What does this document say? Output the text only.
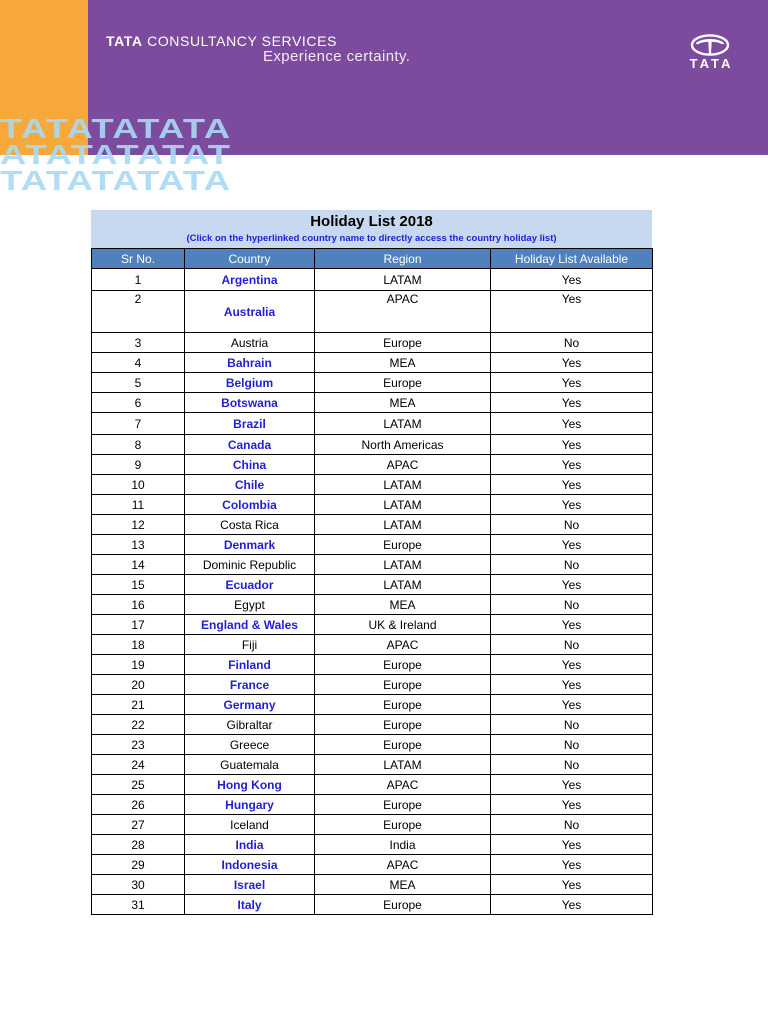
TATA CONSULTANCY SERVICES
Experience certainty.	TATA
TATATATATA
ATATATATAT
TATATATATA
Holiday List 2018
(Click on the hyperlinked country name to directly access the country holiday list)
Sr No.	Country	Region	Holiday List Available
1	Argentina	LATAM	Yes
2	Australia	APAC	Yes
3	Austria	Europe	No
4	Bahrain	MEA	Yes
5	Belgium	Europe	Yes
6	Botswana	MEA	Yes
7	Brazil	LATAM	Yes
8	Canada	North Americas	Yes
9	China	APAC	Yes
10	Chile	LATAM	Yes
11	Colombia	LATAM	Yes
12	Costa Rica	LATAM	No
13	Denmark	Europe	Yes
14	Dominic Republic	LATAM	No
15	Ecuador	LATAM	Yes
16	Egypt	MEA	No
17	England & Wales	UK & Ireland	Yes
18	Fiji	APAC	No
19	Finland	Europe	Yes
20	France	Europe	Yes
21	Germany	Europe	Yes
22	Gibraltar	Europe	No
23	Greece	Europe	No
24	Guatemala	LATAM	No
25	Hong Kong	APAC	Yes
26	Hungary	Europe	Yes
27	Iceland	Europe	No
28	India	India	Yes
29	Indonesia	APAC	Yes
30	Israel	MEA	Yes
31	Italy	Europe	Yes
